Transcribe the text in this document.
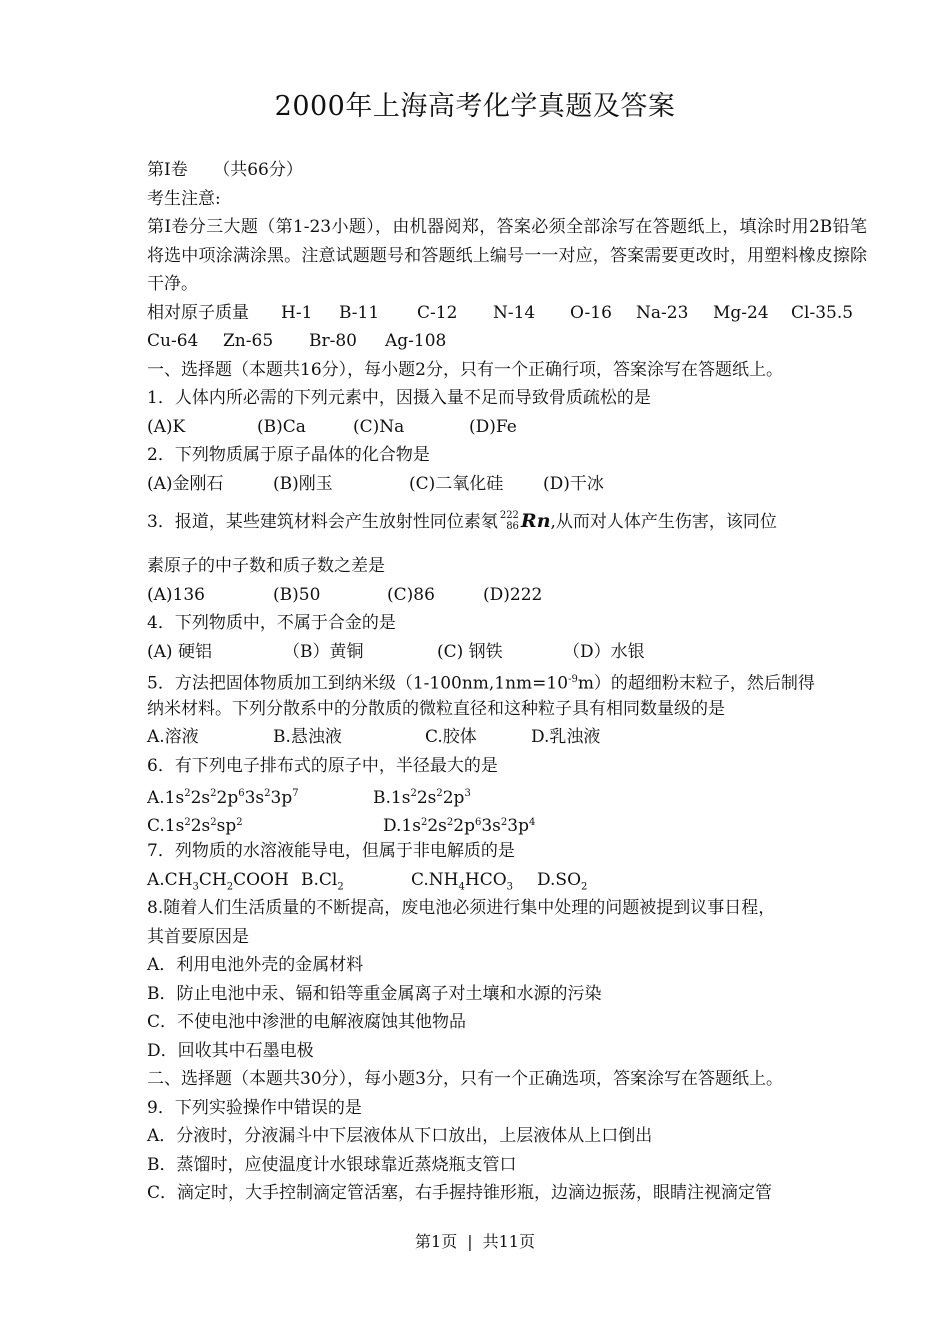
2000年上海高考化学真题及答案
第Ⅰ卷　　（共66分）
考生注意:
第Ⅰ卷分三大题（第1-23小题），由机器阅郑，答案必须全部涂写在答题纸上，填涂时用2B铅笔将选中项涂满涂黑。注意试题题号和答题纸上编号一一对应，答案需要更改时，用塑料橡皮擦除干净。
相对原子质量	H-1	B-11	C-12	N-14	O-16	Na-23	Mg-24	Cl-35.5
Cu-64	Zn-65	Br-80	Ag-108
一、选择题（本题共16分），每小题2分，只有一个正确行项，答案涂写在答题纸上。
1．人体内所必需的下列元素中，因摄入量不足而导致骨质疏松的是
(A)K	(B)Ca	(C)Na	(D)Fe
2．下列物质属于原子晶体的化合物是
(A)金刚石	(B)刚玉	(C)二氧化硅	(D)干冰
3．报道，某些建筑材料会产生放射性同位素氡 222
86 Rn,从而对人体产生伤害，该同位
素原子的中子数和质子数之差是
(A)136	(B)50	(C)86	(D)222
4．下列物质中，不属于合金的是
(A) 硬铝	（B）黄铜	(C) 钢铁	（D）水银
5．方法把固体物质加工到纳米级$(1-100nm,1nm=10^{-9}m)$的超细粉末粒子，然后制得
纳米材料。下列分散系中的分散质的微粒直径和这种粒子具有相同数量级的是
A.溶液	B.悬浊液	C.胶体	D.乳浊液
6．有下列电子排布式的原子中，半径最大的是
$A.1s^22s^22p^63s^23p^7$	$B.1s^22s^22p^3$
$C.1s^22s^2sp^2$	$D.1s^22s^22p^63s^23p^4$
7．列物质的水溶液能导电，但属于非电解质的是
$A.CH_3CH_2COOH$ $B.Cl_2$	$C.NH_4HCO_3$	$D.SO_2$
8.随着人们生活质量的不断提高，废电池必须进行集中处理的问题被提到议事日程，
其首要原因是
A．利用电池外壳的金属材料
B．防止电池中汞、镉和铅等重金属离子对土壤和水源的污染
C．不使电池中渗泄的电解液腐蚀其他物品
D．回收其中石墨电极
二、选择题（本题共30分），每小题3分，只有一个正确选项，答案涂写在答题纸上。
9．下列实验操作中错误的是
A．分液时，分液漏斗中下层液体从下口放出，上层液体从上口倒出
B．蒸馏时，应使温度计水银球靠近蒸烧瓶支管口
C．滴定时，大手控制滴定管活塞，右手握持锥形瓶，边滴边振荡，眼睛注视滴定管
第1页 | 共11页
